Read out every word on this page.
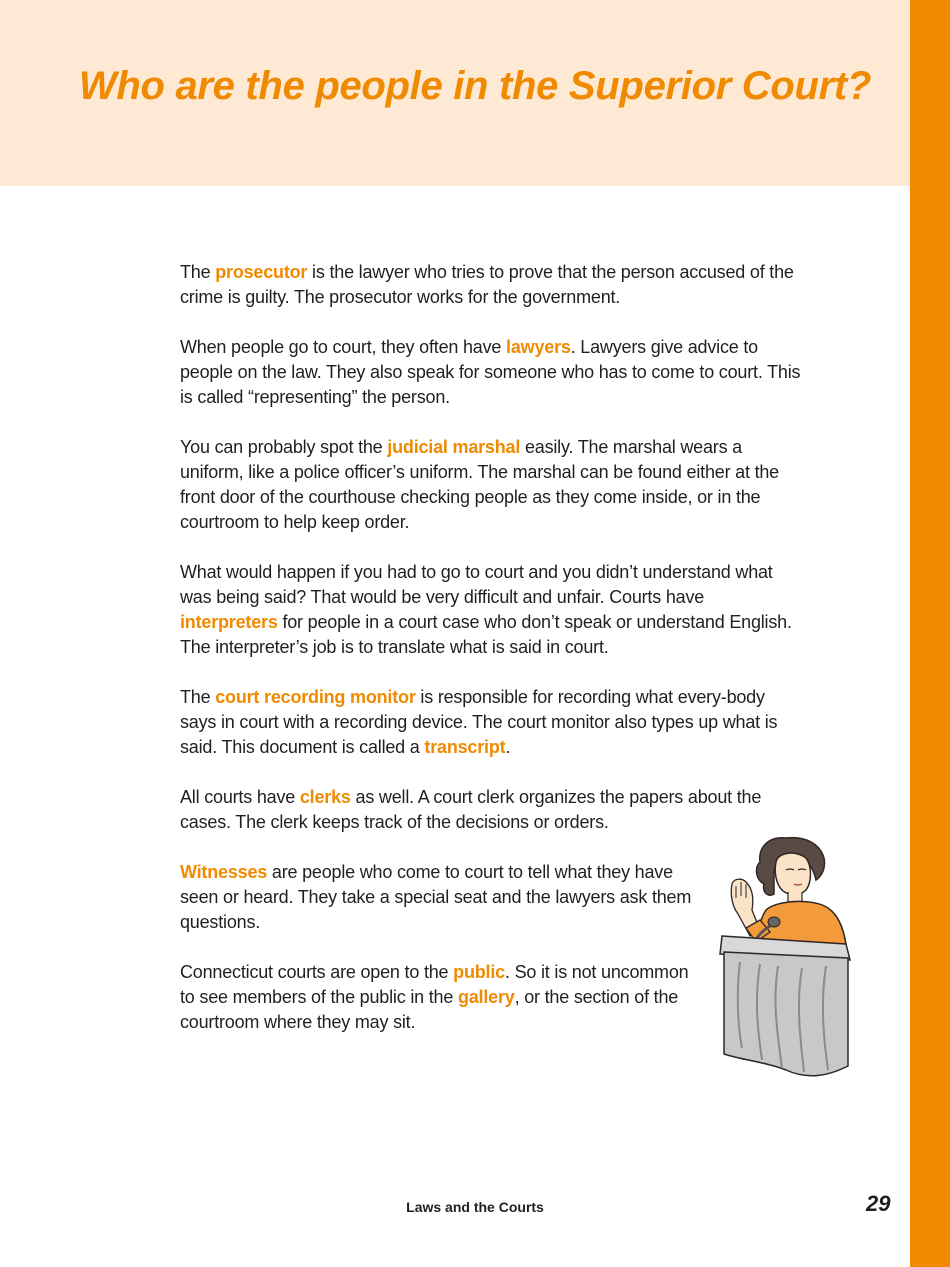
Who are the people in the Superior Court?

The prosecutor is the lawyer who tries to prove that the person accused of the crime is guilty. The prosecutor works for the government.

When people go to court, they often have lawyers. Lawyers give advice to people on the law. They also speak for someone who has to come to court. This is called “representing” the person.

You can probably spot the judicial marshal easily. The marshal wears a uniform, like a police officer’s uniform. The marshal can be found either at the front door of the courthouse checking people as they come inside, or in the courtroom to help keep order.

What would happen if you had to go to court and you didn’t understand what was being said? That would be very difficult and unfair. Courts have interpreters for people in a court case who don’t speak or understand English. The interpreter’s job is to translate what is said in court.

The court recording monitor is responsible for recording what every-body says in court with a recording device. The court monitor also types up what is said. This document is called a transcript.

All courts have clerks as well. A court clerk organizes the papers about the cases. The clerk keeps track of the decisions or orders.

Witnesses are people who come to court to tell what they have seen or heard. They take a special seat and the lawyers ask them questions.

Connecticut courts are open to the public. So it is not uncommon to see members of the public in the gallery, or the section of the courtroom where they may sit.

Laws and the Courts	29
